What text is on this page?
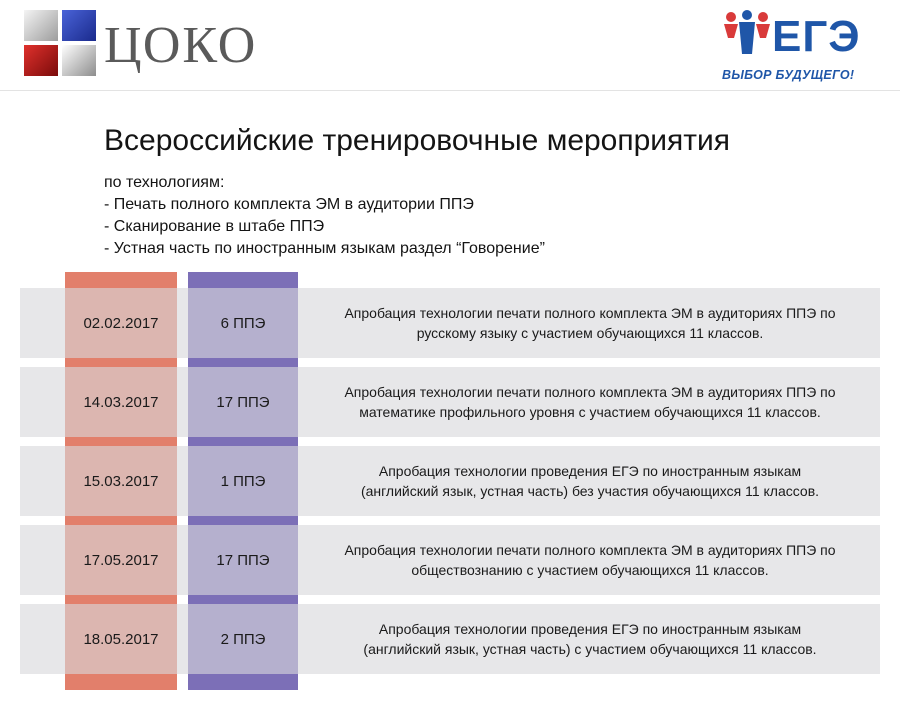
ЦОКО	ЕГЭ
ВЫБОР БУДУЩЕГО!
Всероссийские тренировочные мероприятия
по технологиям:
- Печать полного комплекта ЭМ в аудитории ППЭ
- Сканирование в штабе ППЭ
- Устная часть по иностранным языкам раздел “Говорение”
02.02.2017	6 ППЭ
Апробация технологии печати полного комплекта ЭМ в аудиториях ППЭ по
русскому языку с участием обучающихся 11 классов.
14.03.2017	17 ППЭ
Апробация технологии печати полного комплекта ЭМ в аудиториях ППЭ по
математике профильного уровня с участием обучающихся 11 классов.
15.03.2017	1 ППЭ
Апробация технологии проведения ЕГЭ по иностранным языкам
(английский язык, устная часть) без участия обучающихся 11 классов.
17.05.2017	17 ППЭ
Апробация технологии печати полного комплекта ЭМ в аудиториях ППЭ по
обществознанию с участием обучающихся 11 классов.
18.05.2017	2 ППЭ
Апробация технологии проведения ЕГЭ по иностранным языкам
(английский язык, устная часть) с участием обучающихся 11 классов.
